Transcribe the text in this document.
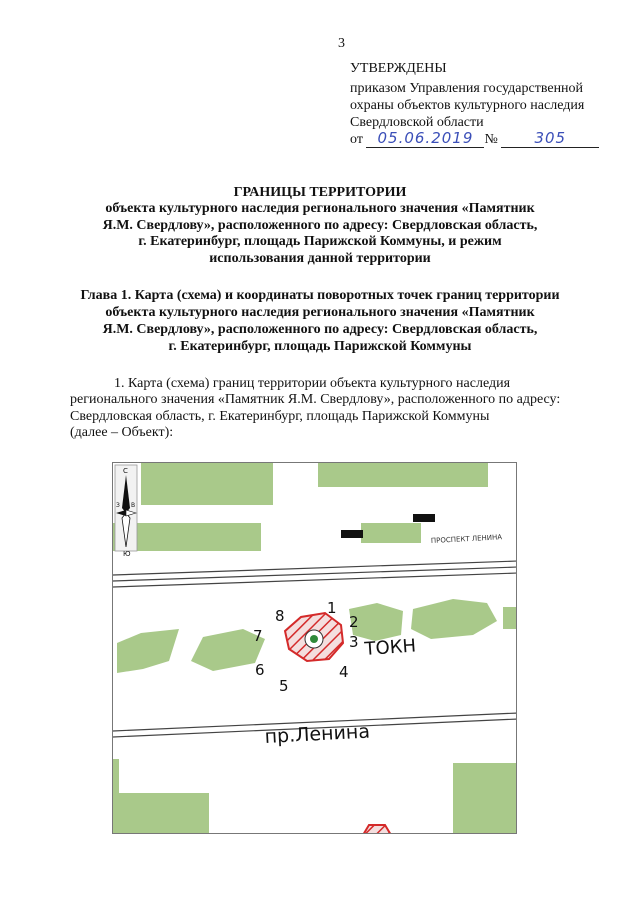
3
УТВЕРЖДЕНЫ
приказом Управления государственной
охраны объектов культурного наследия
Свердловской области
от 05.06.2019 № 305
ГРАНИЦЫ ТЕРРИТОРИИ
объекта культурного наследия регионального значения «Памятник
Я.М. Свердлову», расположенного по адресу: Свердловская область,
г. Екатеринбург, площадь Парижской Коммуны, и режим
использования данной территории
Глава 1. Карта (схема) и координаты поворотных точек границ территории
объекта культурного наследия регионального значения «Памятник
Я.М. Свердлову», расположенного по адресу: Свердловская область,
г. Екатеринбург, площадь Парижской Коммуны
1. Карта (схема) границ территории объекта культурного наследия
регионального значения «Памятник Я.М. Свердлову», расположенного по адресу:
Свердловская область, г. Екатеринбург, площадь Парижской Коммуны
(далее – Объект):
ПРОСПЕКТ ЛЕНИНА
1
2
3
4
5
6
7
8
ТОКН
пр.Ленина
С
Ю
З В
